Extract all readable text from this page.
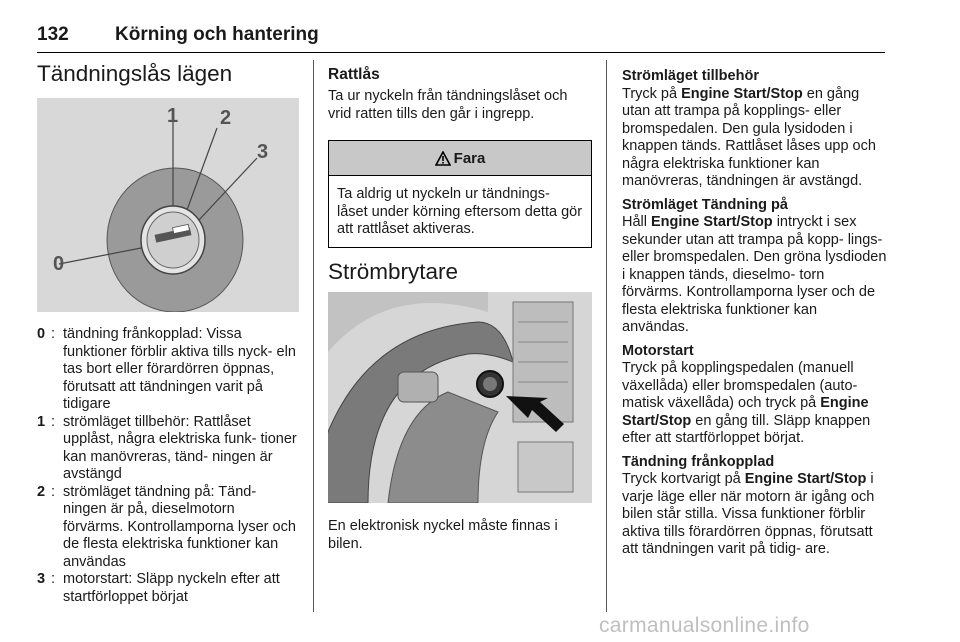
132 Körning och hantering
Tändningslås lägen
1 2
3
0
0 : tändning frånkopplad: Vissa funktioner förblir aktiva tills nyck- eln tas bort eller förardörren öppnas, förutsatt att tändningen varit på tidigare
1 : strömläget tillbehör: Rattlåset upplåst, några elektriska funk- tioner kan manövreras, tänd- ningen är avstängd
2 : strömläget tändning på: Tänd- ningen är på, dieselmotorn förvärms. Kontrollamporna lyser och de flesta elektriska funktioner kan användas
3 : motorstart: Släpp nyckeln efter att startförloppet börjat
Rattlås
Ta ur nyckeln från tändningslåset och vrid ratten tills den går i ingrepp.
Fara
Ta aldrig ut nyckeln ur tändnings- låset under körning eftersom detta gör att rattlåset aktiveras.
Strömbrytare
En elektronisk nyckel måste finnas i bilen.
Strömläget tillbehör
Tryck på Engine Start/Stop en gång utan att trampa på kopplings- eller bromspedalen. Den gula lysidoden i knappen tänds. Rattlåset låses upp och några elektriska funktioner kan manövreras, tändningen är avstängd.
Strömläget Tändning på
Håll Engine Start/Stop intryckt i sex sekunder utan att trampa på kopp- lings- eller bromspedalen. Den gröna lysdioden i knappen tänds, dieselmo- torn förvärms. Kontrollamporna lyser och de flesta elektriska funktioner kan användas.
Motorstart
Tryck på kopplingspedalen (manuell växellåda) eller bromspedalen (auto- matisk växellåda) och tryck på Engine Start/Stop en gång till. Släpp knappen efter att startförloppet börjat.
Tändning frånkopplad
Tryck kortvarigt på Engine Start/Stop i varje läge eller när motorn är igång och bilen står stilla. Vissa funktioner förblir aktiva tills förardörren öppnas, förutsatt att tändningen varit på tidig- are.
carmanualsonline.info
